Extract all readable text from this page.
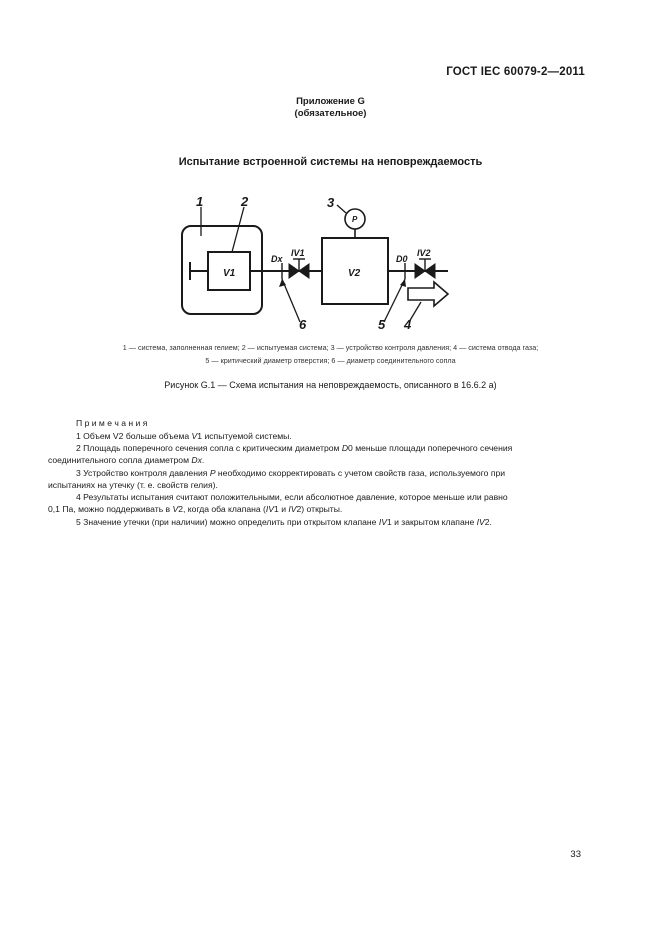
ГОСТ IEC 60079-2—2011
Приложение G
(обязательное)
Испытание встроенной системы на неповреждаемость
1	2	3
4
5
6
V1	V2
Dx	D0
IV1	IV2
P
1 — система, заполненная гелием; 2 — испытуемая система; 3 — устройство контроля давления; 4 — система отвода газа;
5 — критический диаметр отверстия; 6 — диаметр соединительного сопла
Рисунок G.1 — Схема испытания на неповреждаемость, описанного в 16.6.2 а)
П р и м е ч а н и я
1 Объем V2 больше объема V1 испытуемой системы.
2 Площадь поперечного сечения сопла с критическим диаметром D0 меньше площади поперечного сечения
соединительного сопла диаметром Dx.
3 Устройство контроля давления P необходимо скорректировать с учетом свойств газа, используемого при
испытаниях на утечку (т. е. свойств гелия).
4 Результаты испытания считают положительными, если абсолютное давление, которое меньше или равно
0,1 Па, можно поддерживать в V2, когда оба клапана (IV1 и IV2) открыты.
5 Значение утечки (при наличии) можно определить при открытом клапане IV1 и закрытом клапане IV2.
33
